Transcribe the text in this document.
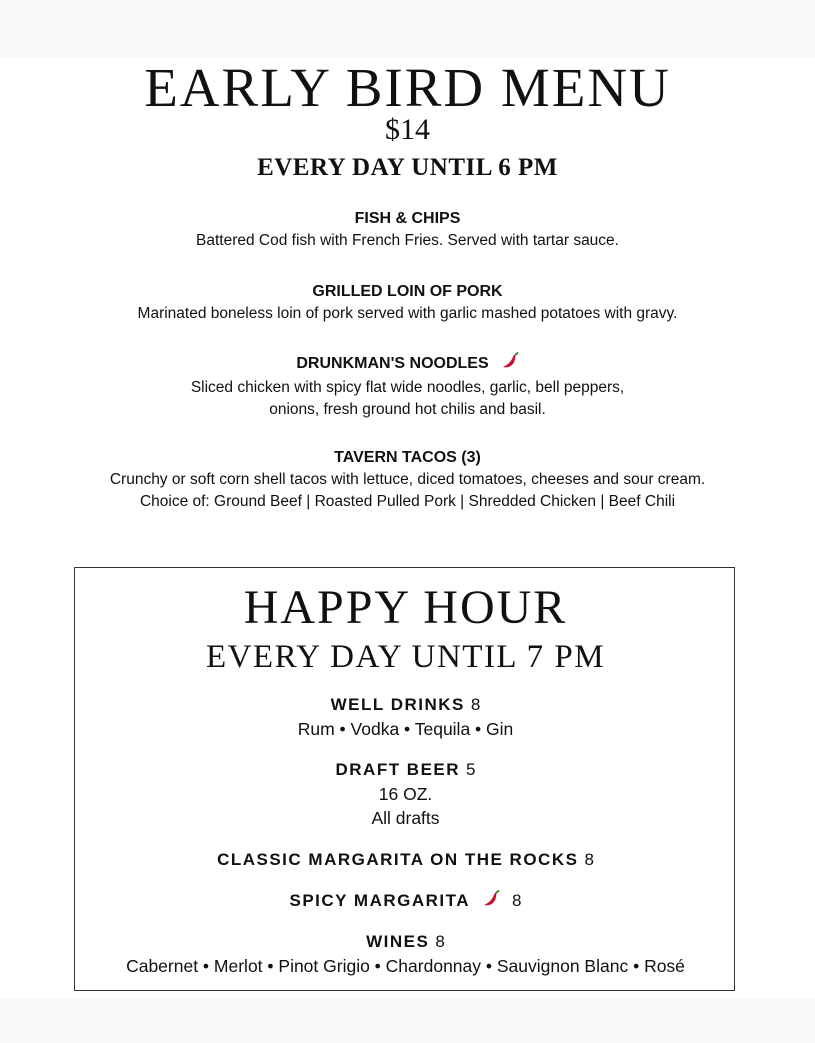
EARLY BIRD MENU
$14
EVERY DAY UNTIL 6 PM
FISH & CHIPS
Battered Cod fish with French Fries. Served with tartar sauce.
GRILLED LOIN OF PORK
Marinated boneless loin of pork served with garlic mashed potatoes with gravy.
DRUNKMAN'S NOODLES
Sliced chicken with spicy flat wide noodles, garlic, bell peppers,
onions, fresh ground hot chilis and basil.
TAVERN TACOS (3)
Crunchy or soft corn shell tacos with lettuce, diced tomatoes, cheeses and sour cream.
Choice of: Ground Beef | Roasted Pulled Pork | Shredded Chicken | Beef Chili
HAPPY HOUR
EVERY DAY UNTIL 7 PM
WELL DRINKS 8
Rum • Vodka • Tequila • Gin
DRAFT BEER 5
16 OZ.
All drafts
CLASSIC MARGARITA ON THE ROCKS 8
SPICY MARGARITA 8
WINES 8
Cabernet • Merlot • Pinot Grigio • Chardonnay • Sauvignon Blanc • Rosé
